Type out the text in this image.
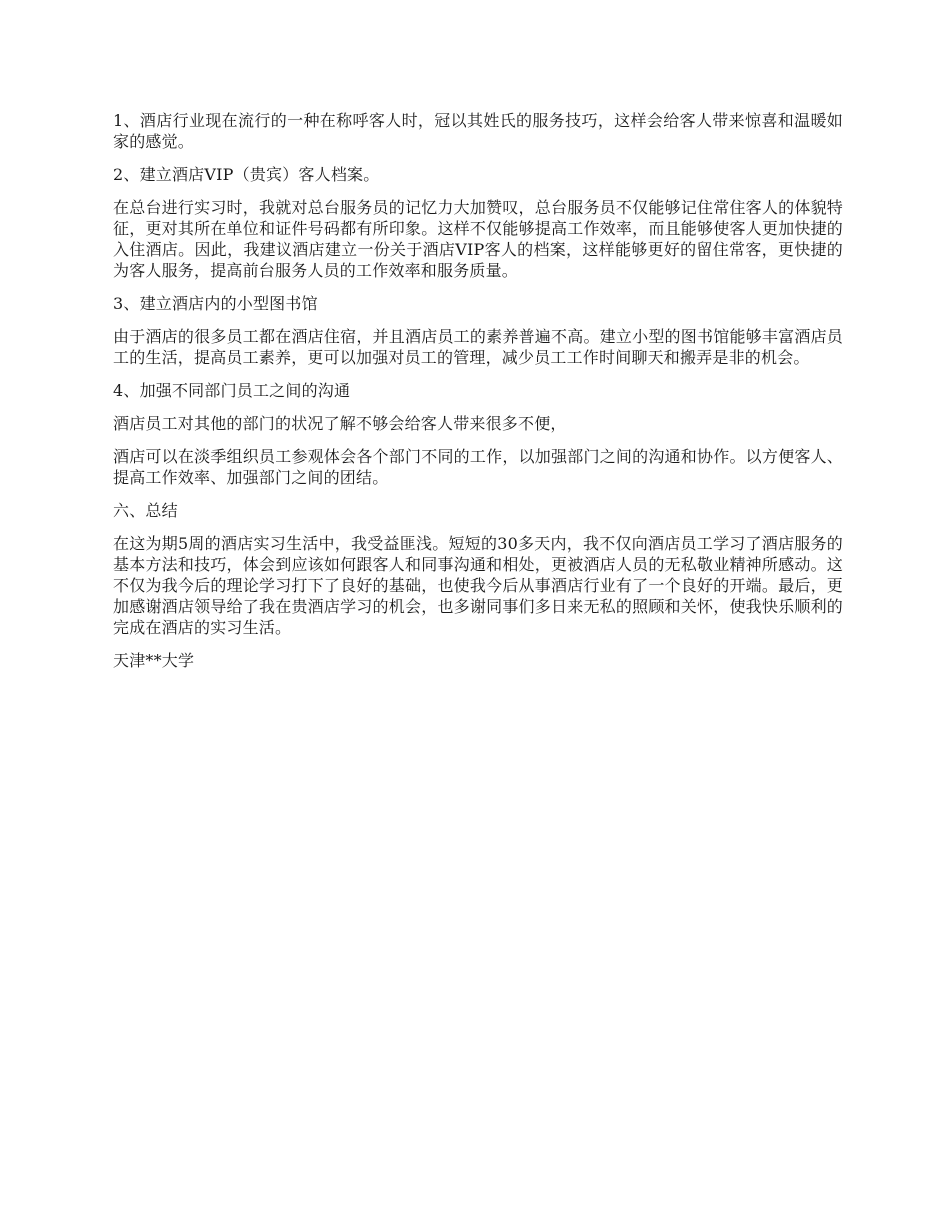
1、酒店行业现在流行的一种在称呼客人时，冠以其姓氏的服务技巧，这样会给客人带来惊喜和温暖如家的感觉。

2、建立酒店VIP（贵宾）客人档案。

在总台进行实习时，我就对总台服务员的记忆力大加赞叹，总台服务员不仅能够记住常住客人的体貌特征，更对其所在单位和证件号码都有所印象。这样不仅能够提高工作效率，而且能够使客人更加快捷的入住酒店。因此，我建议酒店建立一份关于酒店VIP客人的档案，这样能够更好的留住常客，更快捷的为客人服务，提高前台服务人员的工作效率和服务质量。

3、建立酒店内的小型图书馆

由于酒店的很多员工都在酒店住宿，并且酒店员工的素养普遍不高。建立小型的图书馆能够丰富酒店员工的生活，提高员工素养，更可以加强对员工的管理，减少员工工作时间聊天和搬弄是非的机会。

4、加强不同部门员工之间的沟通

酒店员工对其他的部门的状况了解不够会给客人带来很多不便，

酒店可以在淡季组织员工参观体会各个部门不同的工作，以加强部门之间的沟通和协作。以方便客人、提高工作效率、加强部门之间的团结。

六、总结

在这为期5周的酒店实习生活中，我受益匪浅。短短的30多天内，我不仅向酒店员工学习了酒店服务的基本方法和技巧，体会到应该如何跟客人和同事沟通和相处，更被酒店人员的无私敬业精神所感动。这不仅为我今后的理论学习打下了良好的基础，也使我今后从事酒店行业有了一个良好的开端。最后，更加感谢酒店领导给了我在贵酒店学习的机会，也多谢同事们多日来无私的照顾和关怀，使我快乐顺利的完成在酒店的实习生活。

天津**大学
